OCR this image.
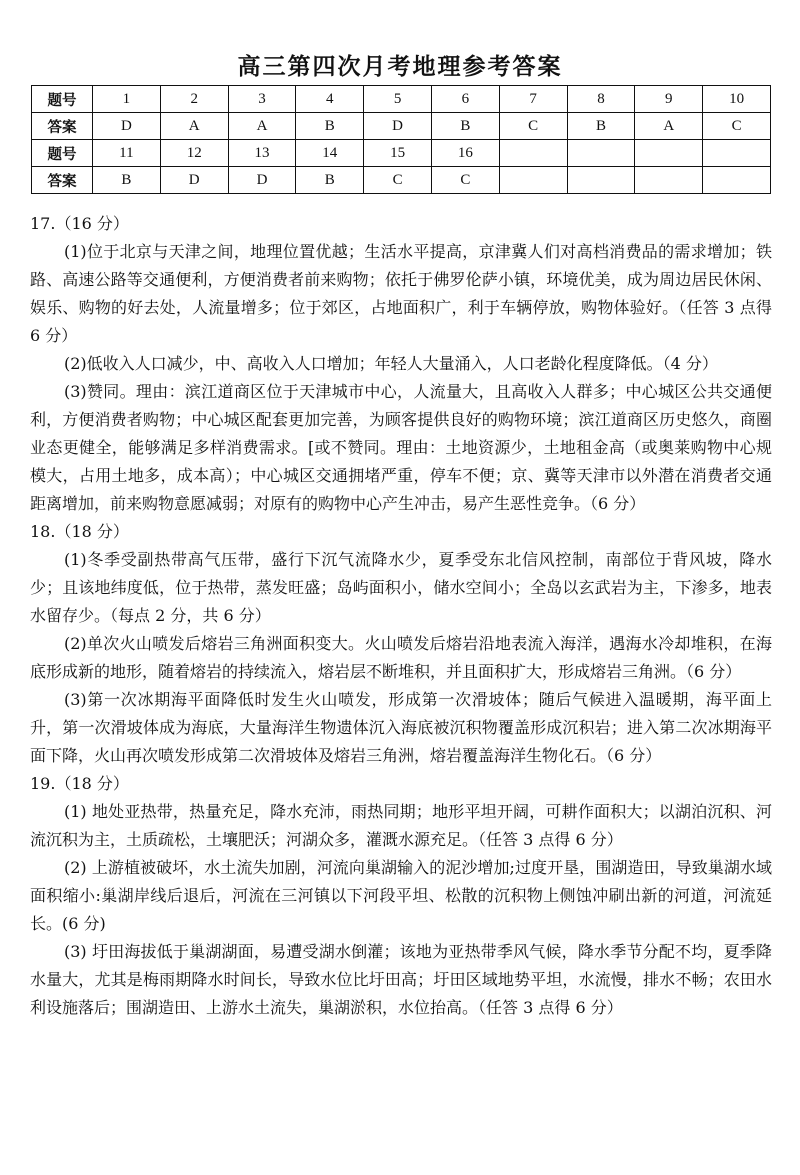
高三第四次月考地理参考答案
题号	1	2	3	4	5	6	7	8	9	10
答案	D	A	A	B	D	B	C	B	A	C
题号	11	12	13	14	15	16				
答案	B	D	D	B	C	C				
17.（16 分）

(1)位于北京与天津之间，地理位置优越；生活水平提高，京津冀人们对高档消费品的需求增加；铁路、高速公路等交通便利，方便消费者前来购物；依托于佛罗伦萨小镇，环境优美，成为周边居民休闲、娱乐、购物的好去处，人流量增多；位于郊区，占地面积广，利于车辆停放，购物体验好。（任答 3 点得 6 分）

(2)低收入人口减少，中、高收入人口增加；年轻人大量涌入，人口老龄化程度降低。（4 分）

(3)赞同。理由：滨江道商区位于天津城市中心，人流量大，且高收入人群多；中心城区公共交通便利，方便消费者购物；中心城区配套更加完善，为顾客提供良好的购物环境；滨江道商区历史悠久，商圈业态更健全，能够满足多样消费需求。[或不赞同。理由：土地资源少，土地租金高（或奥莱购物中心规模大，占用土地多，成本高）；中心城区交通拥堵严重，停车不便；京、冀等天津市以外潜在消费者交通距离增加，前来购物意愿减弱；对原有的购物中心产生冲击，易产生恶性竞争。（6 分）

18.（18 分）

(1)冬季受副热带高气压带，盛行下沉气流降水少，夏季受东北信风控制，南部位于背风坡，降水少；且该地纬度低，位于热带，蒸发旺盛；岛屿面积小，储水空间小；全岛以玄武岩为主，下渗多，地表水留存少。（每点 2 分，共 6 分）

(2)单次火山喷发后熔岩三角洲面积变大。火山喷发后熔岩沿地表流入海洋，遇海水冷却堆积，在海底形成新的地形，随着熔岩的持续流入，熔岩层不断堆积，并且面积扩大，形成熔岩三角洲。（6 分）

(3)第一次冰期海平面降低时发生火山喷发，形成第一次滑坡体；随后气候进入温暖期，海平面上升，第一次滑坡体成为海底，大量海洋生物遗体沉入海底被沉积物覆盖形成沉积岩；进入第二次冰期海平面下降，火山再次喷发形成第二次滑坡体及熔岩三角洲，熔岩覆盖海洋生物化石。（6 分）

19.（18 分）

(1) 地处亚热带，热量充足，降水充沛，雨热同期；地形平坦开阔，可耕作面积大；以湖泊沉积、河流沉积为主，土质疏松，土壤肥沃；河湖众多，灌溉水源充足。（任答 3 点得 6 分）

(2) 上游植被破坏，水土流失加剧，河流向巢湖输入的泥沙增加;过度开垦，围湖造田，导致巢湖水域面积缩小:巢湖岸线后退后，河流在三河镇以下河段平坦、松散的沉积物上侧蚀冲刷出新的河道，河流延长。(6 分)

(3) 圩田海拔低于巢湖湖面，易遭受湖水倒灌；该地为亚热带季风气候，降水季节分配不均，夏季降水量大，尤其是梅雨期降水时间长，导致水位比圩田高；圩田区域地势平坦，水流慢，排水不畅；农田水利设施落后；围湖造田、上游水土流失，巢湖淤积，水位抬高。（任答 3 点得 6 分）
